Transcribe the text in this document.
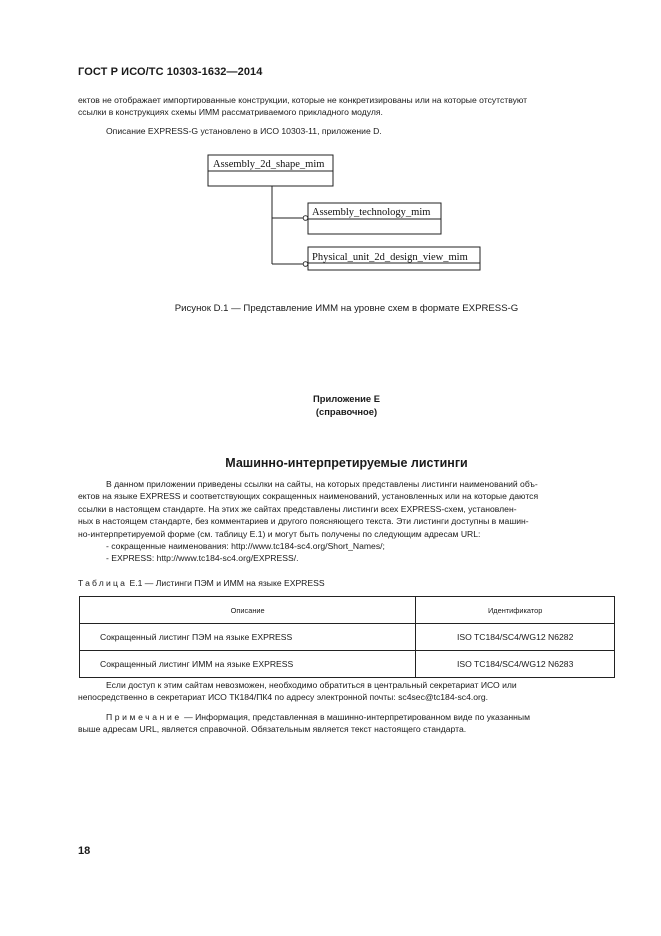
ГОСТ Р ИСО/ТС 10303-1632—2014
ектов не отображает импортированные конструкции, которые не конкретизированы или на которые отсутствуют
ссылки в конструкциях схемы ИММ рассматриваемого прикладного модуля.
Описание EXPRESS-G установлено в ИСО 10303-11, приложение D.
Assembly_2d_shape_mim
Assembly_technology_mim
Physical_unit_2d_design_view_mim
Рисунок D.1 — Представление ИММ на уровне схем в формате EXPRESS-G
Приложение Е
(справочное)
Машинно-интерпретируемые листинги
В данном приложении приведены ссылки на сайты, на которых представлены листинги наименований объ-
ектов на языке EXPRESS и соответствующих сокращенных наименований, установленных или на которые даются
ссылки в настоящем стандарте. На этих же сайтах представлены листинги всех EXPRESS-схем, установлен-
ных в настоящем стандарте, без комментариев и другого поясняющего текста. Эти листинги доступны в машин-
но-интерпретируемой форме (см. таблицу Е.1) и могут быть получены по следующим адресам URL:
- сокращенные наименования: http://www.tc184-sc4.org/Short_Names/;
- EXPRESS: http://www.tc184-sc4.org/EXPRESS/.
Таблица Е.1 — Листинги ПЭМ и ИММ на языке EXPRESS
Описание	Идентификатор
Сокращенный листинг ПЭМ на языке EXPRESS	ISO TC184/SC4/WG12 N6282
Сокращенный листинг ИММ на языке EXPRESS	ISO TC184/SC4/WG12 N6283
Если доступ к этим сайтам невозможен, необходимо обратиться в центральный секретариат ИСО или
непосредственно в секретариат ИСО ТК184/ПК4 по адресу электронной почты: sc4sec@tc184-sc4.org.
Примечание — Информация, представленная в машинно-интерпретированном виде по указанным
выше адресам URL, является справочной. Обязательным является текст настоящего стандарта.
18
